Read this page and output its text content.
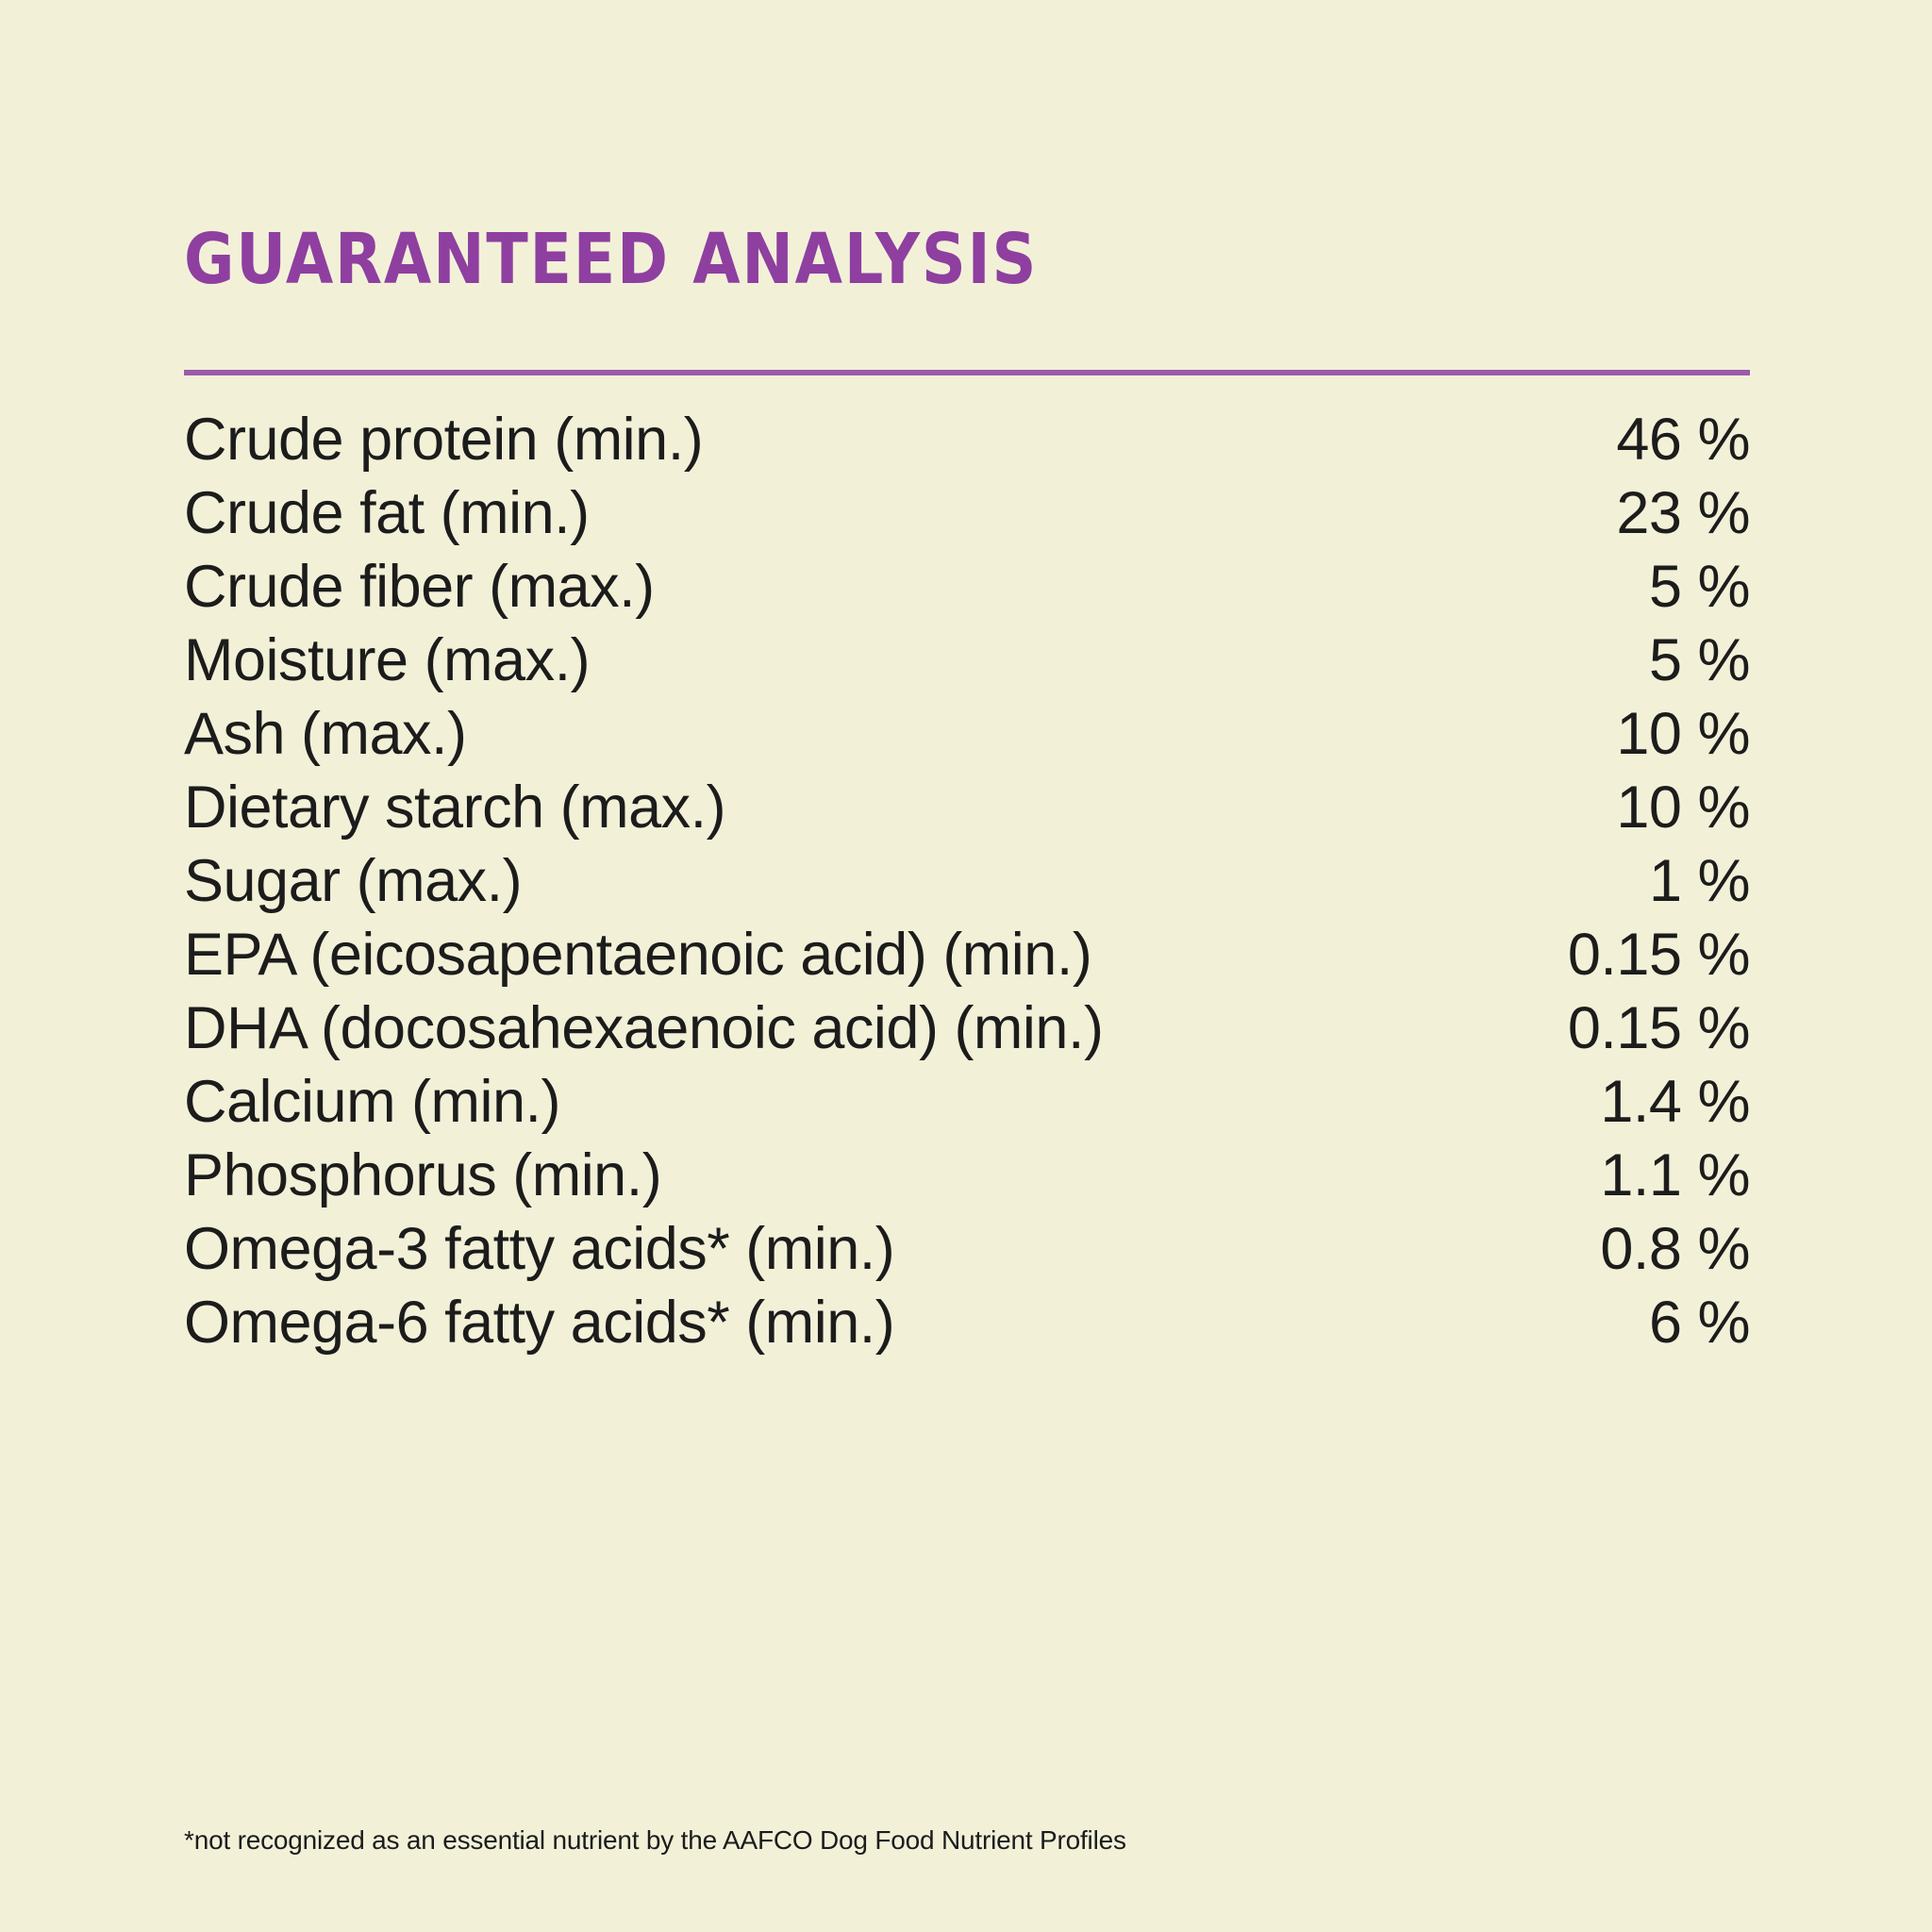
GUARANTEED ANALYSIS
Crude protein (min.)	46 %
Crude fat (min.)	23 %
Crude fiber (max.)	5 %
Moisture (max.)	5 %
Ash (max.)	10 %
Dietary starch (max.)	10 %
Sugar (max.)	1 %
EPA (eicosapentaenoic acid) (min.)	0.15 %
DHA (docosahexaenoic acid) (min.)	0.15 %
Calcium (min.)	1.4 %
Phosphorus (min.)	1.1 %
Omega-3 fatty acids* (min.)	0.8 %
Omega-6 fatty acids* (min.)	6 %
*not recognized as an essential nutrient by the AAFCO Dog Food Nutrient Profiles
